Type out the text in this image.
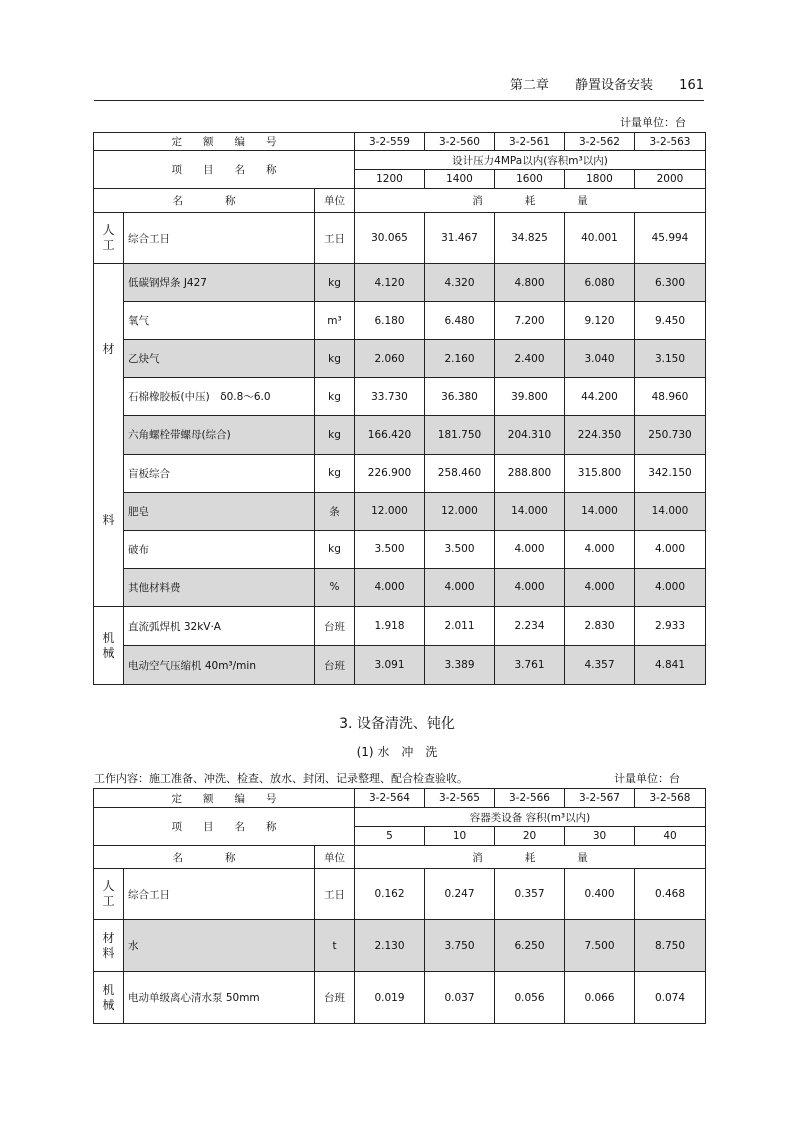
第二章 静置设备安装 161
计量单位：台
定　　额　　编　　号			3-2-559	3-2-560	3-2-561	3-2-562	3-2-563
项　　目　　名　　称			设计压力4MPa以内(容积m³以内)				
			1200	1400	1600	1800	2000
名　　　　称		单位	消　　　　耗　　　　量				
人工	综合工日	工日	30.065	31.467	34.825	40.001	45.994

材
料	低碳钢焊条 J427	kg	4.120	4.320	4.800	6.080	6.300
	氧气	m³	6.180	6.480	7.200	9.120	9.450
	乙炔气	kg	2.060	2.160	2.400	3.040	3.150
	石棉橡胶板(中压)　δ0.8～6.0	kg	33.730	36.380	39.800	44.200	48.960
	六角螺栓带螺母(综合)	kg	166.420	181.750	204.310	224.350	250.730
	盲板综合	kg	226.900	258.460	288.800	315.800	342.150
	肥皂	条	12.000	12.000	14.000	14.000	14.000
	破布	kg	3.500	3.500	4.000	4.000	4.000
	其他材料费	%	4.000	4.000	4.000	4.000	4.000
机械	直流弧焊机 32kV·A	台班	1.918	2.011	2.234	2.830	2.933
	电动空气压缩机 40m³/min	台班	3.091	3.389	3.761	4.357	4.841
3. 设备清洗、钝化
(1) 水　冲　洗
工作内容：施工准备、冲洗、检查、放水、封闭、记录整理、配合检查验收。	计量单位：台
定　　额　　编　　号			3-2-564	3-2-565	3-2-566	3-2-567	3-2-568
项　　目　　名　　称			容器类设备 容积(m³以内)				
			5	10	20	30	40
名　　　　称		单位	消　　　　耗　　　　量				
人工	综合工日	工日	0.162	0.247	0.357	0.400	0.468
材料	水	t	2.130	3.750	6.250	7.500	8.750
机械	电动单级离心清水泵 50mm	台班	0.019	0.037	0.056	0.066	0.074
